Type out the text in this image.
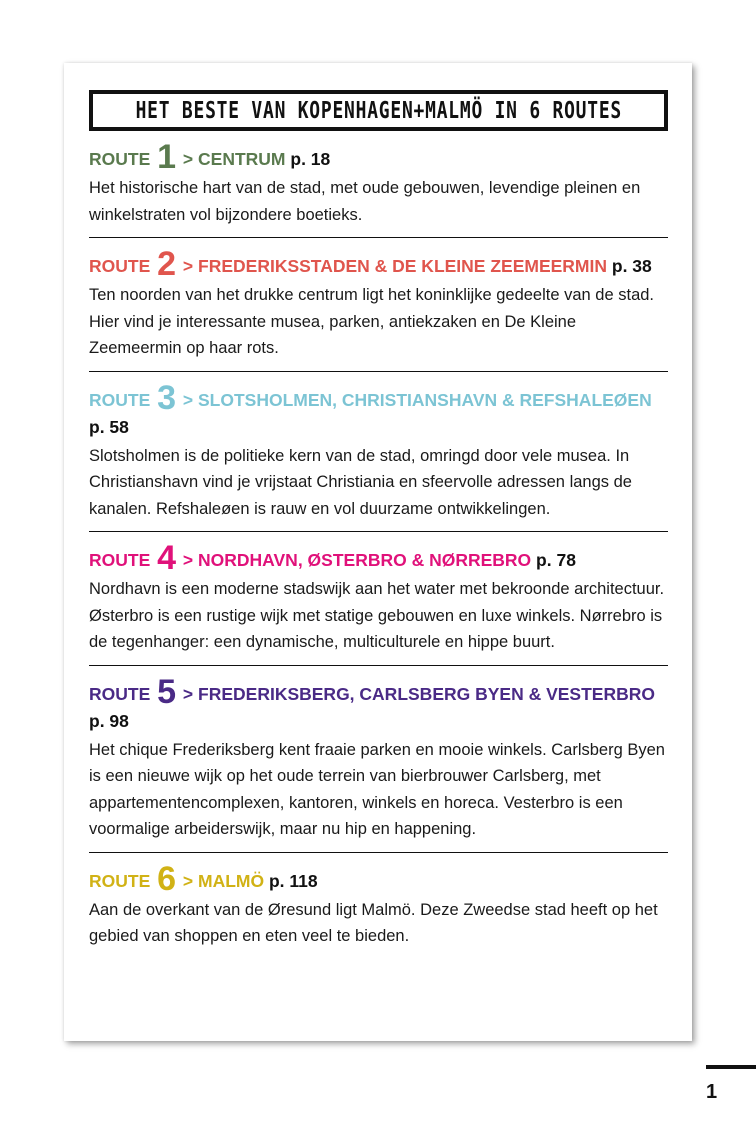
HET BESTE VAN KOPENHAGEN+MALMÖ IN 6 ROUTES

ROUTE 1 > CENTRUM p. 18

Het historische hart van de stad, met oude gebouwen, levendige pleinen en winkelstraten vol bijzondere boetieks.

ROUTE 2 > FREDERIKSSTADEN & DE KLEINE ZEEMEERMIN p. 38

Ten noorden van het drukke centrum ligt het koninklijke gedeelte van de stad. Hier vind je interessante musea, parken, antiekzaken en De Kleine Zeemeermin op haar rots.

ROUTE 3 > SLOTSHOLMEN, CHRISTIANSHAVN & REFSHALEØEN p. 58

Slotsholmen is de politieke kern van de stad, omringd door vele musea. In Christianshavn vind je vrijstaat Christiania en sfeervolle adressen langs de kanalen. Refshaleøen is rauw en vol duurzame ontwikkelingen.

ROUTE 4 > NORDHAVN, ØSTERBRO & NØRREBRO p. 78

Nordhavn is een moderne stadswijk aan het water met bekroonde architectuur. Østerbro is een rustige wijk met statige gebouwen en luxe winkels. Nørrebro is de tegenhanger: een dynamische, multiculturele en hippe buurt.

ROUTE 5 > FREDERIKSBERG, CARLSBERG BYEN & VESTERBRO p. 98

Het chique Frederiksberg kent fraaie parken en mooie winkels. Carlsberg Byen is een nieuwe wijk op het oude terrein van bierbrouwer Carlsberg, met appartementencomplexen, kantoren, winkels en horeca. Vesterbro is een voormalige arbeiderswijk, maar nu hip en happening.

ROUTE 6 > MALMÖ p. 118

Aan de overkant van de Øresund ligt Malmö. Deze Zweedse stad heeft op het gebied van shoppen en eten veel te bieden.

1
